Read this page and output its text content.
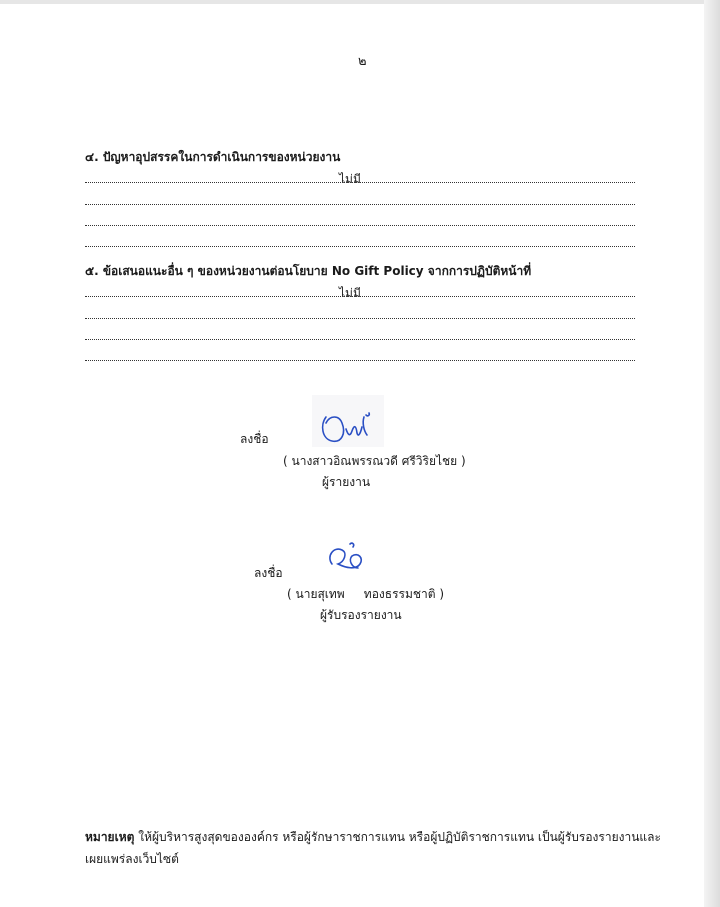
๒
๔. ปัญหาอุปสรรคในการดำเนินการของหน่วยงาน
ไม่มี
๕. ข้อเสนอแนะอื่น ๆ ของหน่วยงานต่อนโยบาย No Gift Policy จากการปฏิบัติหน้าที่
ไม่มี
ลงชื่อ
( นางสาวอิณพรรณวดี ศรีวิริยไชย )
ผู้รายงาน
ลงชื่อ
( นายสุเทพ     ทองธรรมชาติ )
ผู้รับรองรายงาน
หมายเหตุ ให้ผู้บริหารสูงสุดขององค์กร หรือผู้รักษาราชการแทน หรือผู้ปฏิบัติราชการแทน เป็นผู้รับรองรายงานและเผยแพร่ลงเว็บไซต์
